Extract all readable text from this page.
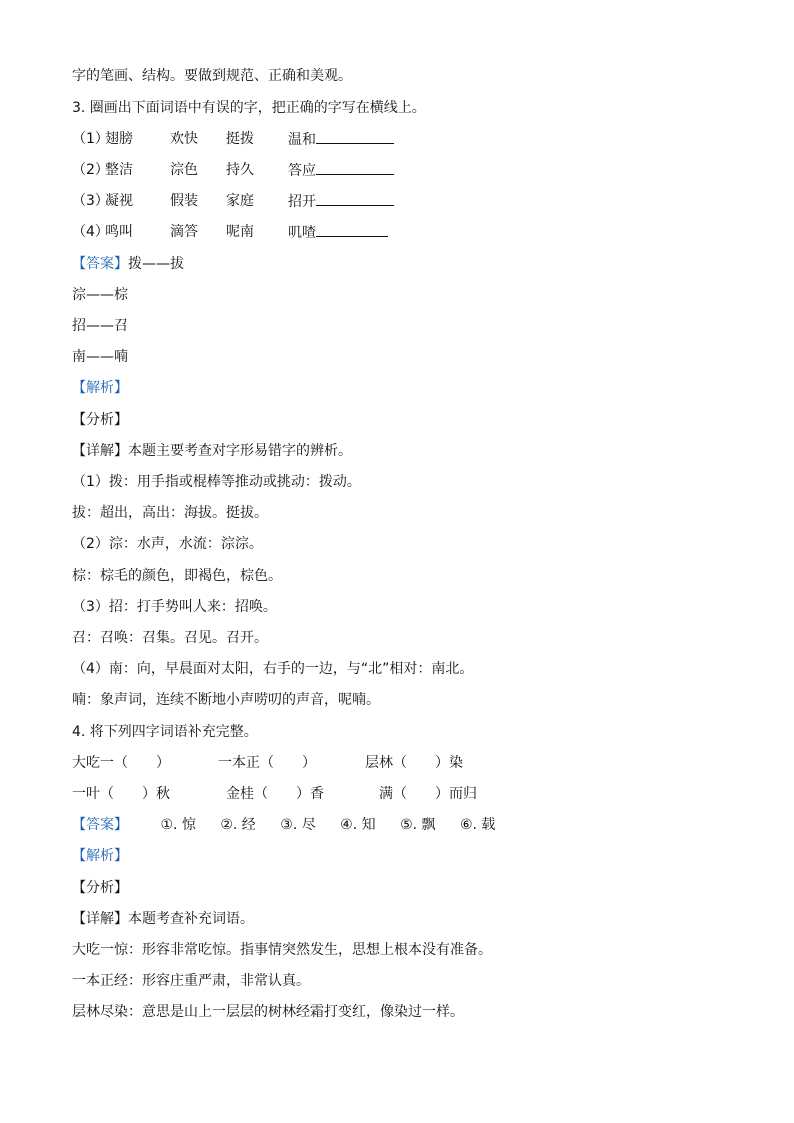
字的笔画、结构。要做到规范、正确和美观。
3. 圈画出下面词语中有误的字，把正确的字写在横线上。
（1）
翅膀	欢快 挺拨 温和
（2）
整洁	淙色 持久 答应
（3）
凝视	假装 家庭 招开
（4）
鸣叫	滴答 呢南 叽喳
【答案】拨——拔
淙——棕
招——召
南——喃
【解析】
【分析】
【详解】本题主要考查对字形易错字的辨析。
（1）拨：用手指或棍棒等推动或挑动：拨动。
拔：超出，高出：海拔。挺拔。
（2）淙：水声，水流：淙淙。
棕：棕毛的颜色，即褐色，棕色。
（3）招：打手势叫人来：招唤。
召：召唤：召集。召见。召开。
（4）南：向，早晨面对太阳，右手的一边，与“北”相对：南北。
喃：象声词，连续不断地小声唠叨的声音，呢喃。
4. 将下列四字词语补充完整。
大吃一（　　）	一本正（　　）	层林（　　）染
一叶（　　）秋	金桂（　　）香	满（　　）而归
【答案】 ①. 惊 ②. 经 ③. 尽 ④. 知 ⑤. 飘 ⑥. 载
【解析】
【分析】
【详解】本题考查补充词语。
大吃一惊：形容非常吃惊。指事情突然发生，思想上根本没有准备。
一本正经：形容庄重严肃，非常认真。
层林尽染：意思是山上一层层的树林经霜打变红，像染过一样。
